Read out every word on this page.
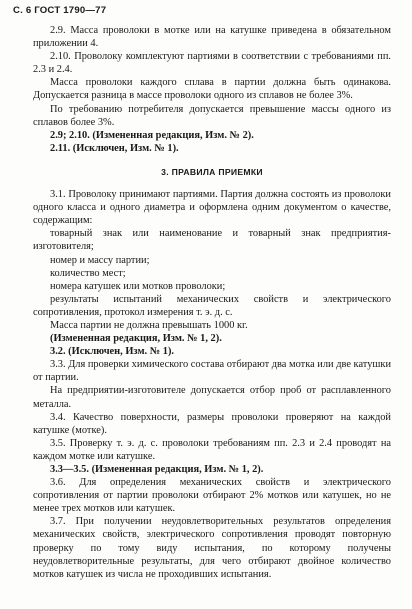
С. 6 ГОСТ 1790—77

2.9. Масса проволоки в мотке или на катушке приведена в обязательном приложении 4.

2.10. Проволоку комплектуют партиями в соответствии с требованиями пп. 2.3 и 2.4.

Масса проволоки каждого сплава в партии должна быть одинакова. Допускается разница в массе проволоки одного из сплавов не более 3%.

По требованию потребителя допускается превышение массы одного из сплавов более 3%.

2.9; 2.10. (Измененная редакция, Изм. № 2).

2.11. (Исключен, Изм. № 1).

3. ПРАВИЛА ПРИЕМКИ

3.1. Проволоку принимают партиями. Партия должна состоять из проволоки одного класса и одного диаметра и оформлена одним документом о качестве, содержащим:

товарный знак или наименование и товарный знак предприятия-изготовителя;

номер и массу партии;

количество мест;

номера катушек или мотков проволоки;

результаты испытаний механических свойств и электрического сопротивления, протокол измерения т. э. д. с.

Масса партии не должна превышать 1000 кг.

(Измененная редакция, Изм. № 1, 2).

3.2. (Исключен, Изм. № 1).

3.3. Для проверки химического состава отбирают два мотка или две катушки от партии.

На предприятии-изготовителе допускается отбор проб от расплавленного металла.

3.4. Качество поверхности, размеры проволоки проверяют на каждой катушке (мотке).

3.5. Проверку т. э. д. с. проволоки требованиям пп. 2.3 и 2.4 проводят на каждом мотке или катушке.

3.3—3.5. (Измененная редакция, Изм. № 1, 2).

3.6. Для определения механических свойств и электрического сопротивления от партии проволоки отбирают 2% мотков или катушек, но не менее трех мотков или катушек.

3.7. При получении неудовлетворительных результатов определения механических свойств, электрического сопротивления проводят повторную проверку по тому виду испытания, по которому получены неудовлетворительные результаты, для чего отбирают двойное количество мотков катушек из числа не проходивших испытания.
